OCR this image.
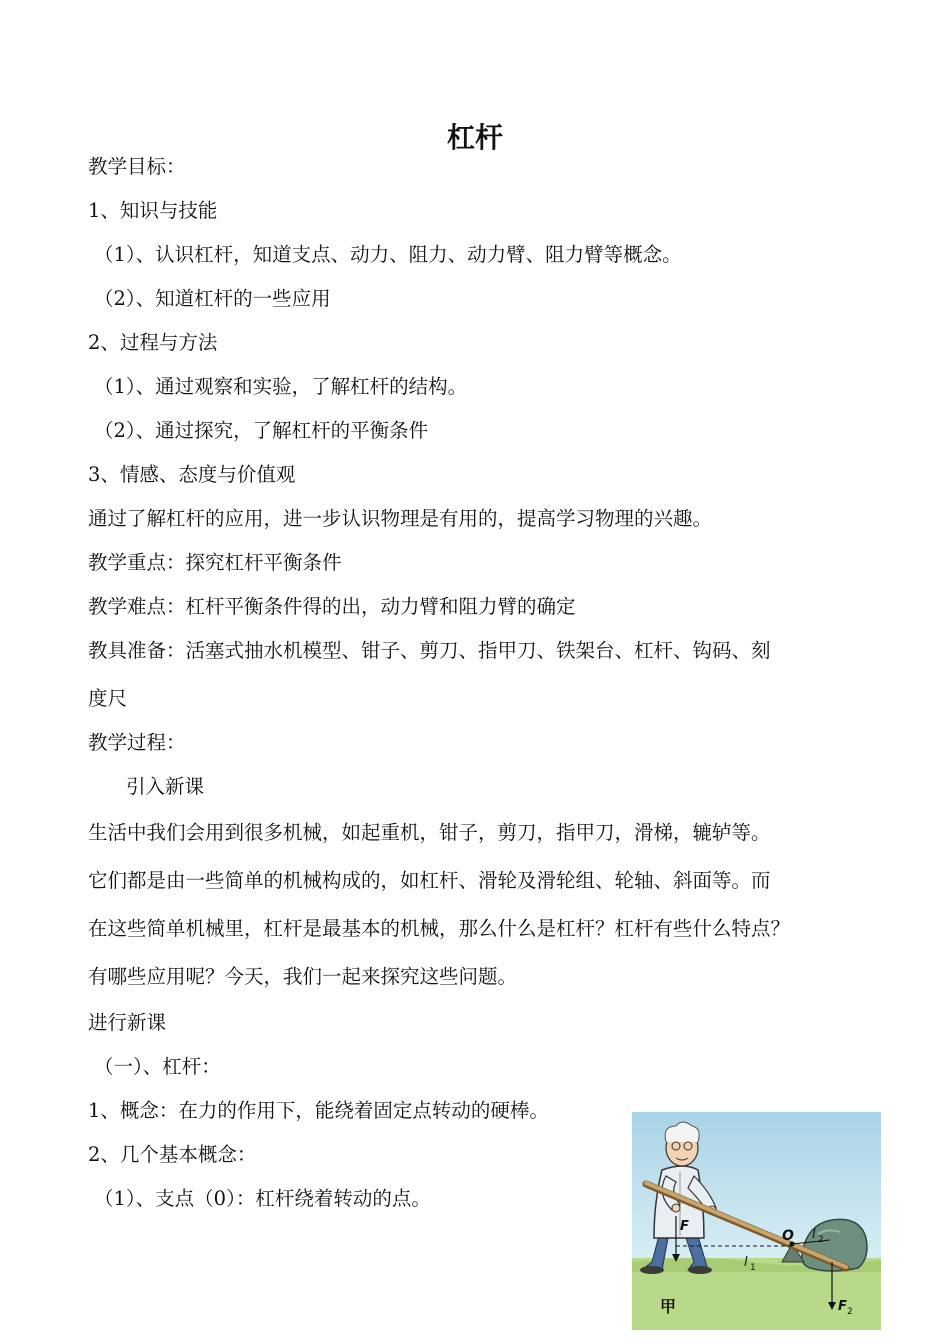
杠杆
教学目标：
1、知识与技能
（1）、认识杠杆，知道支点、动力、阻力、动力臂、阻力臂等概念。
（2）、知道杠杆的一些应用
2、过程与方法
（1）、通过观察和实验，了解杠杆的结构。
（2）、通过探究，了解杠杆的平衡条件
3、情感、态度与价值观
通过了解杠杆的应用，进一步认识物理是有用的，提高学习物理的兴趣。
教学重点：探究杠杆平衡条件
教学难点：杠杆平衡条件得的出，动力臂和阻力臂的确定
教具准备：活塞式抽水机模型、钳子、剪刀、指甲刀、铁架台、杠杆、钩码、刻
度尺
教学过程：
引入新课
生活中我们会用到很多机械，如起重机，钳子，剪刀，指甲刀，滑梯，辘轳等。
它们都是由一些简单的机械构成的，如杠杆、滑轮及滑轮组、轮轴、斜面等。而
在这些简单机械里，杠杆是最基本的机械，那么什么是杠杆？杠杆有些什么特点？
有哪些应用呢？今天，我们一起来探究这些问题。
进行新课
（一）、杠杆：
1、概念：在力的作用下，能绕着固定点转动的硬棒。
2、几个基本概念：
（1）、支点（0）：杠杆绕着转动的点。
F
l 1
O l 2
F 2
甲
